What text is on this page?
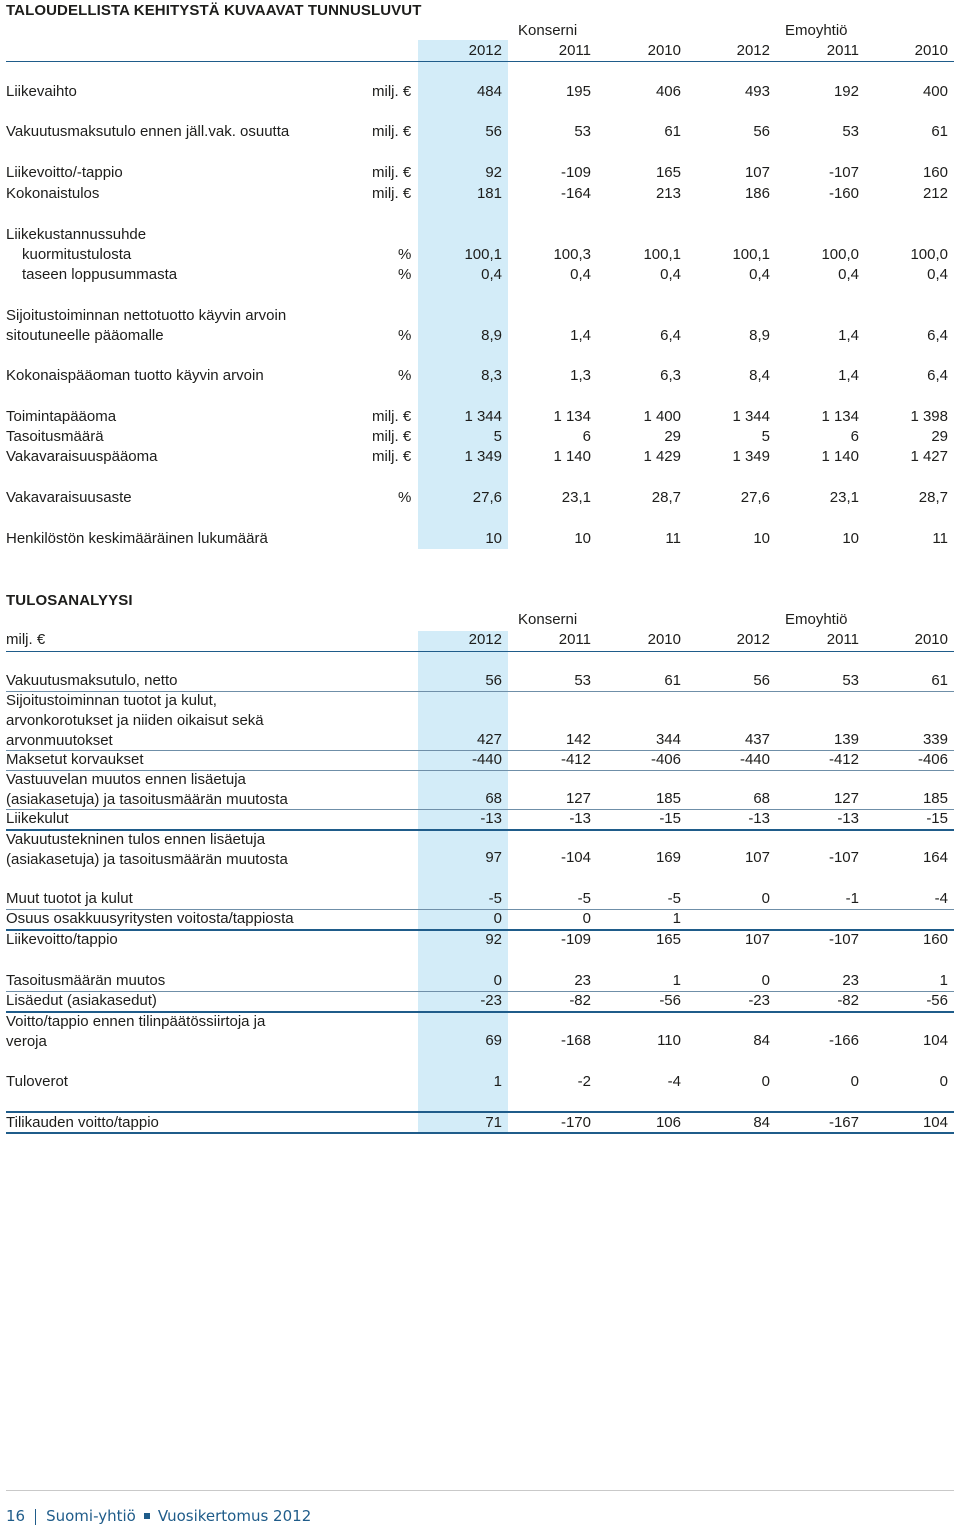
TALOUDELLISTA KEHITYSTÄ KUVAAVAT TUNNUSLUVUT
Konserni	Emoyhtiö
2012	2011	2010	2012	2011	2010
Liikevaihto	milj. €	484	195	406	493	192	400
Vakuutusmaksutulo ennen jäll.vak. osuutta	milj. €	56	53	61	56	53	61
Liikevoitto/-tappio	milj. €	92	-109	165	107	-107	160
Kokonaistulos	milj. €	181	-164	213	186	-160	212
Liikekustannussuhde
kuormitustulosta	%	100,1	100,3	100,1	100,1	100,0	100,0
taseen loppusummasta	%	0,4	0,4	0,4	0,4	0,4	0,4
Sijoitustoiminnan nettotuotto käyvin arvoin
sitoutuneelle pääomalle	%	8,9	1,4	6,4	8,9	1,4	6,4
Kokonaispääoman tuotto käyvin arvoin	%	8,3	1,3	6,3	8,4	1,4	6,4
Toimintapääoma	milj. €	1 344	1 134	1 400	1 344	1 134	1 398
Tasoitusmäärä	milj. €	5	6	29	5	6	29
Vakavaraisuuspääoma	milj. €	1 349	1 140	1 429	1 349	1 140	1 427
Vakavaraisuusaste	%	27,6	23,1	28,7	27,6	23,1	28,7
Henkilöstön keskimääräinen lukumäärä	10	10	11	10	10	11
TULOSANALYYSI
Konserni	Emoyhtiö
milj. €	2012	2011	2010	2012	2011	2010
Vakuutusmaksutulo, netto	56	53	61	56	53	61
Sijoitustoiminnan tuotot ja kulut,
arvonkorotukset ja niiden oikaisut sekä
arvonmuutokset	427	142	344	437	139	339
Maksetut korvaukset	-440	-412	-406	-440	-412	-406
Vastuuvelan muutos ennen lisäetuja
(asiakasetuja) ja tasoitusmäärän muutosta	68	127	185	68	127	185
Liikekulut	-13	-13	-15	-13	-13	-15
Vakuutustekninen tulos ennen lisäetuja
(asiakasetuja) ja tasoitusmäärän muutosta	97	-104	169	107	-107	164
Muut tuotot ja kulut	-5	-5	-5	0	-1	-4
Osuus osakkuusyritysten voitosta/tappiosta	0	0	1
Liikevoitto/tappio	92	-109	165	107	-107	160
Tasoitusmäärän muutos	0	23	1	0	23	1
Lisäedut (asiakasedut)	-23	-82	-56	-23	-82	-56
Voitto/tappio ennen tilinpäätössiirtoja ja
veroja	69	-168	110	84	-166	104
Tuloverot	1	-2	-4	0	0	0
Tilikauden voitto/tappio	71	-170	106	84	-167	104
16 Suomi-yhtiö Vuosikertomus 2012
